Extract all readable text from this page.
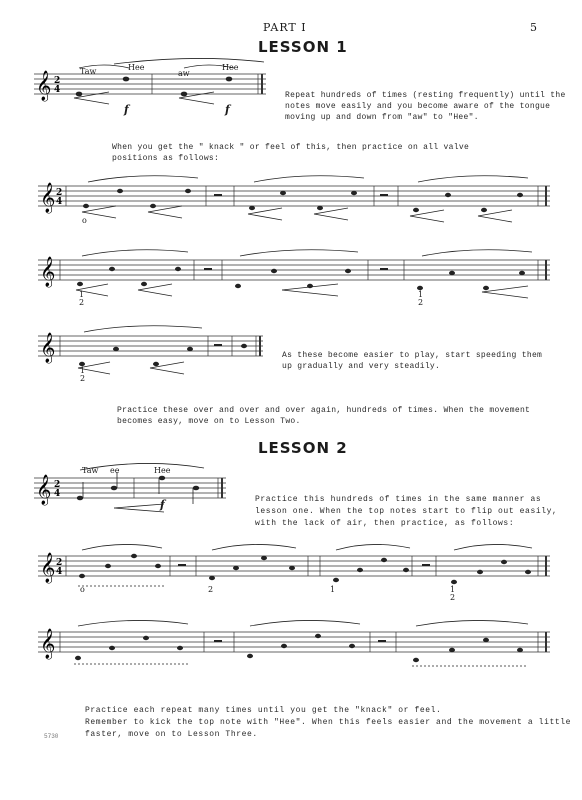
PART I	5
LESSON 1
𝄞 2
4
Taw	Hee
aw
Hee
f	f

Repeat hundreds of times (resting frequently) until the
notes move easily and you become aware of the tongue
moving up and down from "aw" to "Hee".

When you get the " knack " or feel of this, then practice on all valve
positions as follows:

𝄞 2
4
o
𝄞
1
2
1
2
𝄞
1
2

As these become easier to play, start speeding them
up gradually and very steadily.

Practice these over and over and over again, hundreds of times. When the movement
becomes easy, move on to Lesson Two.

LESSON 2
𝄞 2
4
Taw ee	Hee
f	Practice this hundreds of times in the same manner as
lesson one. When the top notes start to flip out easily,
with the lack of air, then practice, as follows:

𝄞 2
4
o	2	1	1
2
𝄞

Practice each repeat many times until you get the "knack" or feel.
Remember to kick the top note with "Hee". When this feels easier and the movement a little
faster, move on to Lesson Three.

5730
